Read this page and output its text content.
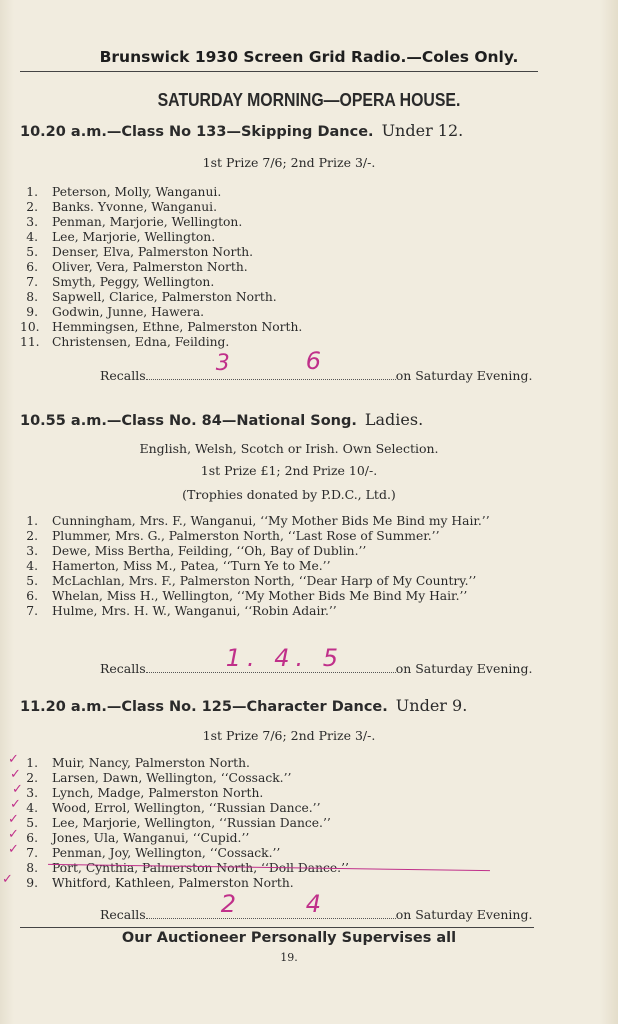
Brunswick 1930 Screen Grid Radio.—Coles Only.
SATURDAY MORNING—OPERA HOUSE.
10.20 a.m.—Class No 133—Skipping Dance. Under 12.
1st Prize 7/6; 2nd Prize 3/-.
1. Peterson, Molly, Wanganui.
2. Banks. Yvonne, Wanganui.
3. Penman, Marjorie, Wellington.
4. Lee, Marjorie, Wellington.
5. Denser, Elva, Palmerston North.
6. Oliver, Vera, Palmerston North.
7. Smyth, Peggy, Wellington.
8. Sapwell, Clarice, Palmerston North.
9. Godwin, Junne, Hawera.
10. Hemmingsen, Ethne, Palmerston North.
11. Christensen, Edna, Feilding.
Recalls	3	6
on Saturday Evening.
10.55 a.m.—Class No. 84—National Song. Ladies.
English, Welsh, Scotch or Irish. Own Selection.
1st Prize £1; 2nd Prize 10/-.
(Trophies donated by P.D.C., Ltd.)
1. Cunningham, Mrs. F., Wanganui, ‘‘My Mother Bids Me Bind my Hair.’’
2. Plummer, Mrs. G., Palmerston North, ‘‘Last Rose of Summer.’’
3. Dewe, Miss Bertha, Feilding, ‘‘Oh, Bay of Dublin.’’
4. Hamerton, Miss M., Patea, ‘‘Turn Ye to Me.’’
5. McLachlan, Mrs. F., Palmerston North, ‘‘Dear Harp of My Country.’’
6. Whelan, Miss H., Wellington, ‘‘My Mother Bids Me Bind My Hair.’’
7. Hulme, Mrs. H. W., Wanganui, ‘‘Robin Adair.’’
Recalls	1. 4. 5	on Saturday Evening.
11.20 a.m.—Class No. 125—Character Dance. Under 9.
1st Prize 7/6; 2nd Prize 3/-.
1. Muir, Nancy, Palmerston North.
2. Larsen, Dawn, Wellington, ‘‘Cossack.’’
3. Lynch, Madge, Palmerston North.
4. Wood, Errol, Wellington, ‘‘Russian Dance.’’
5. Lee, Marjorie, Wellington, ‘‘Russian Dance.’’
6. Jones, Ula, Wanganui, ‘‘Cupid.’’
7. Penman, Joy, Wellington, ‘‘Cossack.’’
8. Port, Cynthia, Palmerston North, ‘‘Doll Dance.’’
9. Whitford, Kathleen, Palmerston North.
✓
✓
✓
✓
✓
✓
✓
✓
Recalls	2	4	on Saturday Evening.
Our Auctioneer Personally Supervises all
19.
